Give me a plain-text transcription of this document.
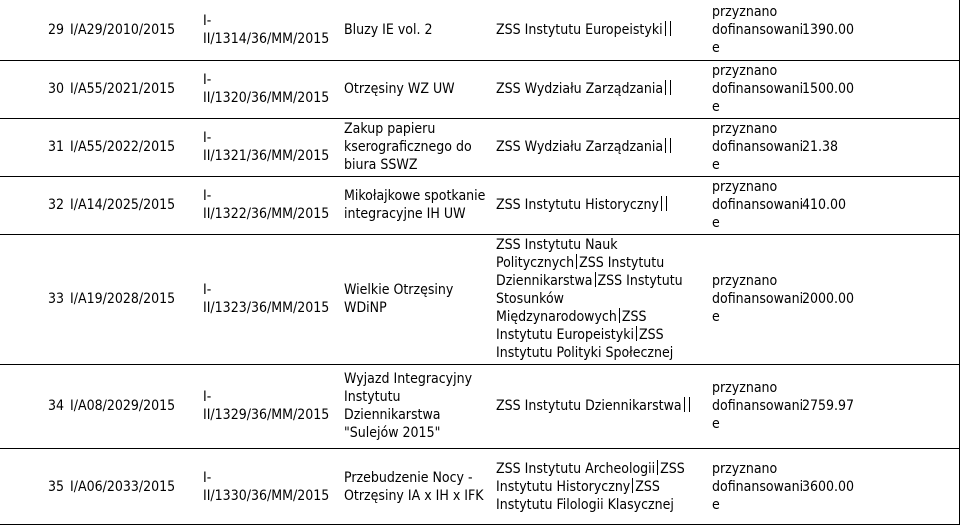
29 I/A29/2010/2015
I-
II/1314/36/MM/2015
Bluzy IE vol. 2	ZSS Instytutu Europeistyki
przyznano
dofinansowani
e
1390.00
30 I/A55/2021/2015
I-
II/1320/36/MM/2015
Otrzęsiny WZ UW	ZSS Wydziału Zarządzania
przyznano
dofinansowani
e
1500.00
31 I/A55/2022/2015
I-
II/1321/36/MM/2015
Zakup papieru
kserograficznego do
biura SSWZ
ZSS Wydziału Zarządzania
przyznano
dofinansowani
e
21.38
32 I/A14/2025/2015
I-
II/1322/36/MM/2015
Mikołajkowe spotkanie
integracyjne IH UW
ZSS Instytutu Historyczny
przyznano
dofinansowani
e
410.00
33 I/A19/2028/2015
I-
II/1323/36/MM/2015
Wielkie Otrzęsiny
WDiNP
ZSS Instytutu Nauk
Politycznych ZSS Instytutu
Dziennikarstwa ZSS Instytutu
Stosunków
Międzynarodowych ZSS
Instytutu Europeistyki ZSS
Instytutu Polityki Społecznej
przyznano
dofinansowani
e
2000.00
34 I/A08/2029/2015
I-
II/1329/36/MM/2015
Wyjazd Integracyjny
Instytutu
Dziennikarstwa
"Sulejów 2015"
ZSS Instytutu Dziennikarstwa
przyznano
dofinansowani
e
2759.97
35 I/A06/2033/2015
I-
II/1330/36/MM/2015
Przebudzenie Nocy -
Otrzęsiny IA x IH x IFK
ZSS Instytutu Archeologii ZSS
Instytutu Historyczny ZSS
Instytutu Filologii Klasycznej
przyznano
dofinansowani
e
3600.00
